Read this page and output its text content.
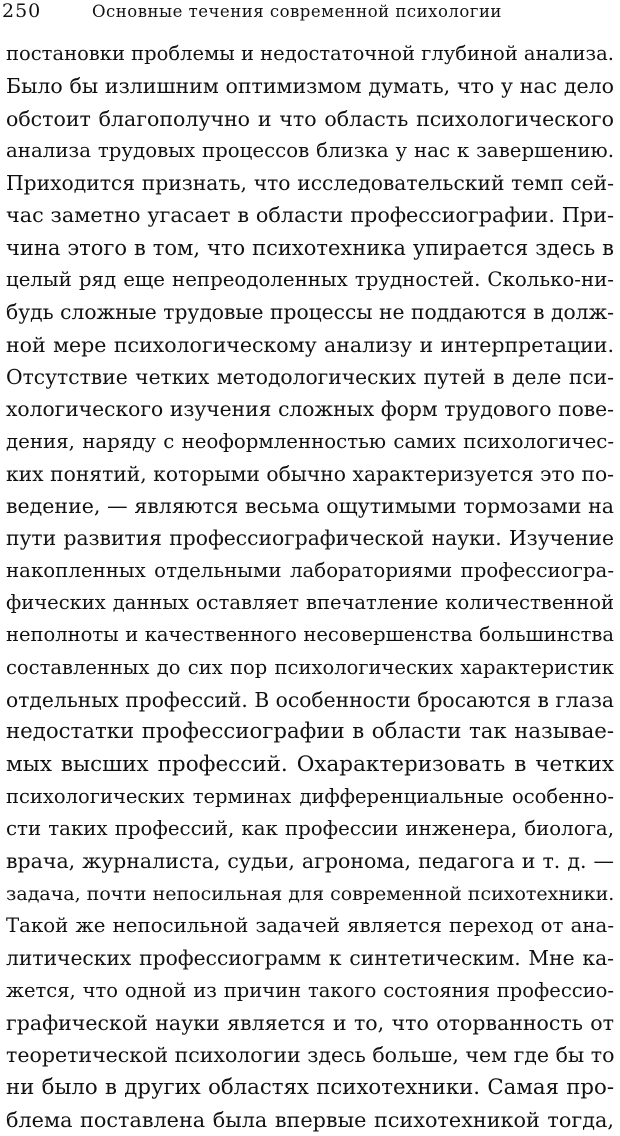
250	Основные течения современной психологии
постановки проблемы и недостаточной глубиной анализа.
Было бы излишним оптимизмом думать, что у нас дело
обстоит благополучно и что область психологического
анализа трудовых процессов близка у нас к завершению.
Приходится признать, что исследовательский темп сей-
час заметно угасает в области профессиографии. При-
чина этого в том, что психотехника упирается здесь в
целый ряд еще непреодоленных трудностей. Сколько-ни-
будь сложные трудовые процессы не поддаются в долж-
ной мере психологическому анализу и интерпретации.
Отсутствие четких методологических путей в деле пси-
хологического изучения сложных форм трудового пове-
дения, наряду с неоформленностью самих психологичес-
ких понятий, которыми обычно характеризуется это по-
ведение, — являются весьма ощутимыми тормозами на
пути развития профессиографической науки. Изучение
накопленных отдельными лабораториями профессиогра-
фических данных оставляет впечатление количественной
неполноты и качественного несовершенства большинства
составленных до сих пор психологических характеристик
отдельных профессий. В особенности бросаются в глаза
недостатки профессиографии в области так называе-
мых высших профессий. Охарактеризовать в четких
психологических терминах дифференциальные особенно-
сти таких профессий, как профессии инженера, биолога,
врача, журналиста, судьи, агронома, педагога и т. д. —
задача, почти непосильная для современной психотехники.
Такой же непосильной задачей является переход от ана-
литических профессиограмм к синтетическим. Мне ка-
жется, что одной из причин такого состояния профессио-
графической науки является и то, что оторванность от
теоретической психологии здесь больше, чем где бы то
ни было в других областях психотехники. Самая про-
блема поставлена была впервые психотехникой тогда,
